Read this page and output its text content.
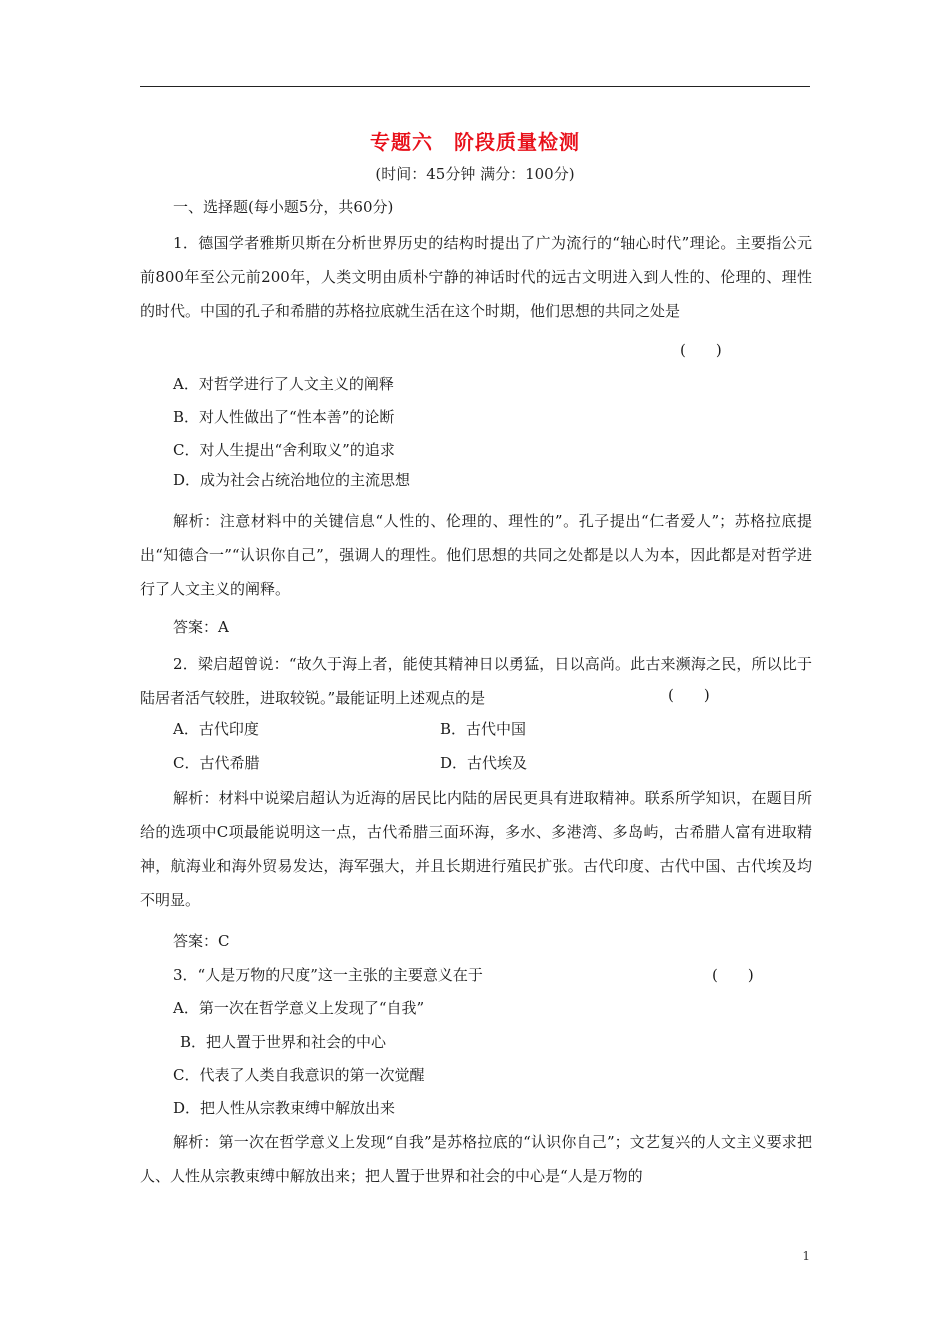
专题六　阶段质量检测
(时间：45分钟 满分：100分)
一、选择题(每小题5分，共60分)
1．德国学者雅斯贝斯在分析世界历史的结构时提出了广为流行的“轴心时代”理论。主要指公元前800年至公元前200年，人类文明由质朴宁静的神话时代的远古文明进入到人性的、伦理的、理性的时代。中国的孔子和希腊的苏格拉底就生活在这个时期，他们思想的共同之处是
(　　)
A．对哲学进行了人文主义的阐释
B．对人性做出了“性本善”的论断
C．对人生提出“舍利取义”的追求
D．成为社会占统治地位的主流思想
解析：注意材料中的关键信息“人性的、伦理的、理性的”。孔子提出“仁者爱人”；苏格拉底提出“知德合一”“认识你自己”，强调人的理性。他们思想的共同之处都是以人为本，因此都是对哲学进行了人文主义的阐释。
答案：A
2．梁启超曾说：“故久于海上者，能使其精神日以勇猛，日以高尚。此古来濒海之民，所以比于陆居者活气较胜，进取较锐。”最能证明上述观点的是	(　　)
A．古代印度	B．古代中国
C．古代希腊	D．古代埃及
解析：材料中说梁启超认为近海的居民比内陆的居民更具有进取精神。联系所学知识，在题目所给的选项中C项最能说明这一点，古代希腊三面环海，多水、多港湾、多岛屿，古希腊人富有进取精神，航海业和海外贸易发达，海军强大，并且长期进行殖民扩张。古代印度、古代中国、古代埃及均不明显。
答案：C
3．“人是万物的尺度”这一主张的主要意义在于	(　　)
A．第一次在哲学意义上发现了“自我”
B．把人置于世界和社会的中心
C．代表了人类自我意识的第一次觉醒
D．把人性从宗教束缚中解放出来
解析：第一次在哲学意义上发现“自我”是苏格拉底的“认识你自己”；文艺复兴的人文主义要求把人、人性从宗教束缚中解放出来；把人置于世界和社会的中心是“人是万物的
1
